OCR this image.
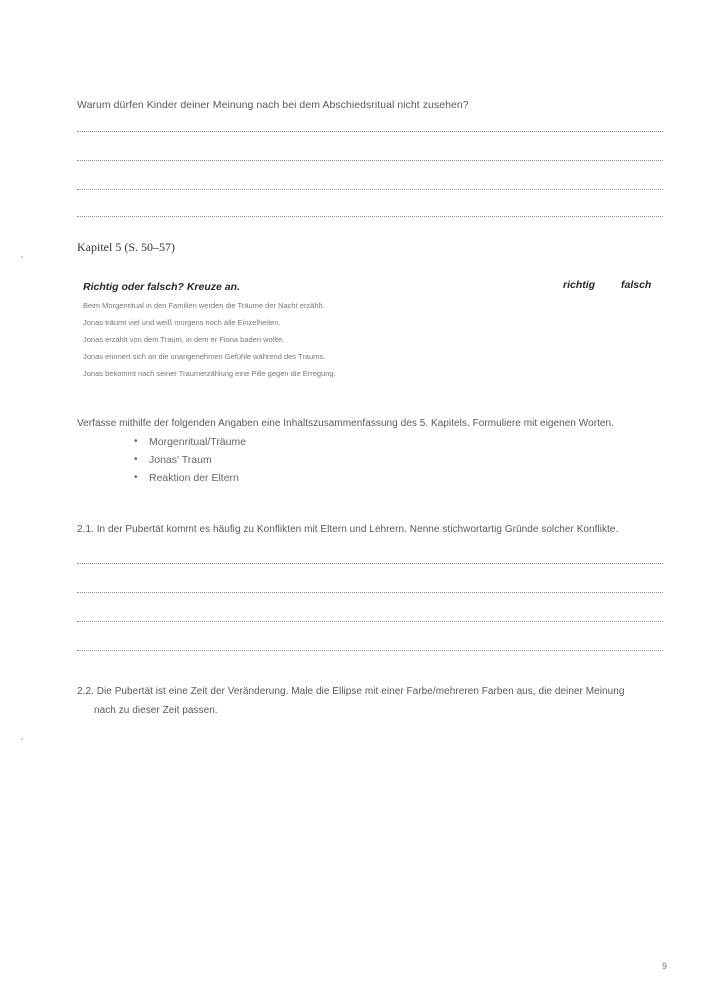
Warum dürfen Kinder deiner Meinung nach bei dem Abschiedsritual nicht zusehen?
Kapitel 5 (S. 50–57)
Richtig oder falsch? Kreuze an.	richtig falsch
Beim Morgenritual in den Familien werden die Träume der Nacht erzählt.
Jonas träumt viel und weiß morgens noch alle Einzelheiten.
Jonas erzählt von dem Traum, in dem er Fiona baden wollte.
Jonas erinnert sich an die unangenehmen Gefühle während des Traums.
Jonas bekommt nach seiner Traumerzählung eine Pille gegen die Erregung.
Verfasse mithilfe der folgenden Angaben eine Inhaltszusammenfassung des 5. Kapitels. Formuliere mit eigenen Worten.
• Morgenritual/Träume
• Jonas' Traum
• Reaktion der Eltern
2.1. In der Pubertät kommt es häufig zu Konflikten mit Eltern und Lehrern. Nenne stichwortartig Gründe solcher Konflikte.
2.2. Die Pubertät ist eine Zeit der Veränderung. Male die Ellipse mit einer Farbe/mehreren Farben aus, die deiner Meinung
nach zu dieser Zeit passen.
9
